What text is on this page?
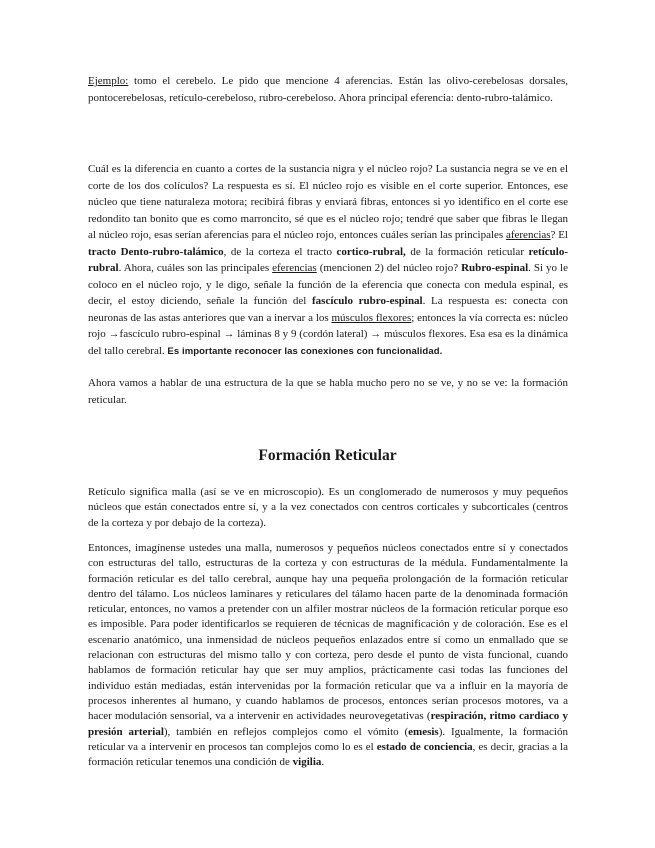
Ejemplo: tomo el cerebelo. Le pido que mencione 4 aferencias. Están las olivo-cerebelosas dorsales, pontocerebelosas, retículo-cerebeloso, rubro-cerebeloso. Ahora principal eferencia: dento-rubro-talámico.

Cuál es la diferencia en cuanto a cortes de la sustancia nigra y el núcleo rojo? La sustancia negra se ve en el corte de los dos colículos? La respuesta es sí. El núcleo rojo es visible en el corte superior. Entonces, ese núcleo que tiene naturaleza motora; recibirá fibras y enviará fibras, entonces si yo identifico en el corte ese redondito tan bonito que es como marroncito, sé que es el núcleo rojo; tendré que saber que fibras le llegan al núcleo rojo, esas serían aferencias para el núcleo rojo, entonces cuáles serían las principales aferencias? El tracto Dento-rubro-talámico, de la corteza el tracto cortico-rubral, de la formación reticular retículo-rubral. Ahora, cuáles son las principales eferencias (mencionen 2) del núcleo rojo? Rubro-espinal. Si yo le coloco en el núcleo rojo, y le digo, señale la función de la eferencia que conecta con medula espinal, es decir, el estoy diciendo, señale la función del fascículo rubro-espinal. La respuesta es: conecta con neuronas de las astas anteriores que van a inervar a los músculos flexores; entonces la vía correcta es: núcleo rojo →fascículo rubro-espinal → láminas 8 y 9 (cordón lateral) → músculos flexores. Esa esa es la dinámica del tallo cerebral. Es importante reconocer las conexiones con funcionalidad.

Ahora vamos a hablar de una estructura de la que se habla mucho pero no se ve, y no se ve: la formación reticular.

Formación Reticular

Retículo significa malla (así se ve en microscopio). Es un conglomerado de numerosos y muy pequeños núcleos que están conectados entre sí, y a la vez conectados con centros corticales y subcorticales (centros de la corteza y por debajo de la corteza).

Entonces, imagínense ustedes una malla, numerosos y pequeños núcleos conectados entre sí y conectados con estructuras del tallo, estructuras de la corteza y con estructuras de la médula. Fundamentalmente la formación reticular es del tallo cerebral, aunque hay una pequeña prolongación de la formación reticular dentro del tálamo. Los núcleos laminares y reticulares del tálamo hacen parte de la denominada formación reticular, entonces, no vamos a pretender con un alfiler mostrar núcleos de la formación reticular porque eso es imposible. Para poder identificarlos se requieren de técnicas de magnificación y de coloración. Ese es el escenario anatómico, una inmensidad de núcleos pequeños enlazados entre sí como un enmallado que se relacionan con estructuras del mismo tallo y con corteza, pero desde el punto de vista funcional, cuando hablamos de formación reticular hay que ser muy amplios, prácticamente casi todas las funciones del individuo están mediadas, están intervenidas por la formación reticular que va a influir en la mayoría de procesos inherentes al humano, y cuando hablamos de procesos, entonces serían procesos motores, va a hacer modulación sensorial, va a intervenir en actividades neurovegetativas (respiración, ritmo cardiaco y presión arterial), también en reflejos complejos como el vómito (emesis). Igualmente, la formación reticular va a intervenir en procesos tan complejos como lo es el estado de conciencia, es decir, gracias a la formación reticular tenemos una condición de vigilia.
